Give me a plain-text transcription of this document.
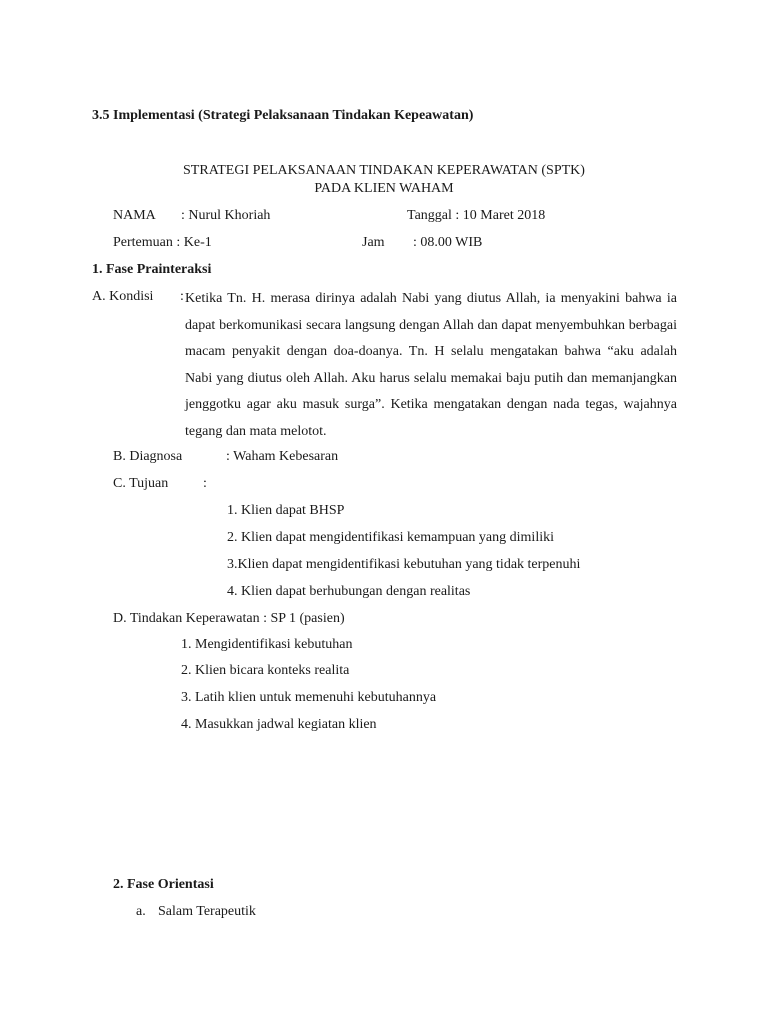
3.5 Implementasi (Strategi Pelaksanaan Tindakan Kepeawatan)
STRATEGI PELAKSANAAN TINDAKAN KEPERAWATAN (SPTK)
PADA KLIEN WAHAM
NAMA : Nurul Khoriah	Tanggal : 10 Maret 2018
Pertemuan : Ke-1	Jam : 08.00 WIB
1. Fase Prainteraksi
A. Kondisi : Ketika Tn. H. merasa dirinya adalah Nabi yang diutus Allah, ia menyakini bahwa ia dapat berkomunikasi secara langsung dengan Allah dan dapat menyembuhkan berbagai macam penyakit dengan doa-doanya. Tn. H selalu mengatakan bahwa “aku adalah Nabi yang diutus oleh Allah. Aku harus selalu memakai baju putih dan memanjangkan jenggotku agar aku masuk surga”. Ketika mengatakan dengan nada tegas, wajahnya tegang dan mata melotot.
B. Diagnosa	: Waham Kebesaran
C. Tujuan :
1. Klien dapat BHSP
2. Klien dapat mengidentifikasi kemampuan yang dimiliki
3.Klien dapat mengidentifikasi kebutuhan yang tidak terpenuhi
4. Klien dapat berhubungan dengan realitas
D. Tindakan Keperawatan : SP 1 (pasien)
1. Mengidentifikasi kebutuhan
2. Klien bicara konteks realita
3. Latih klien untuk memenuhi kebutuhannya
4. Masukkan jadwal kegiatan klien
2. Fase Orientasi
a. Salam Terapeutik
